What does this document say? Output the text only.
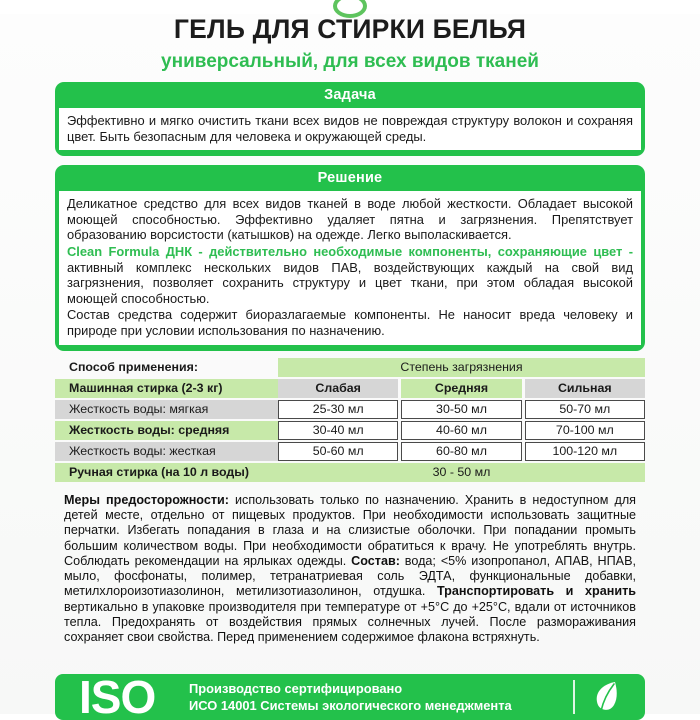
ГЕЛЬ ДЛЯ СТИРКИ БЕЛЬЯ
универсальный, для всех видов тканей
Задача

Эффективно и мягко очистить ткани всех видов не повреждая структуру волокон и сохраняя цвет. Быть безопасным для человека и окружающей среды.

Решение

Деликатное средство для всех видов тканей в воде любой жесткости. Обладает высокой моющей способностью. Эффективно удаляет пятна и загрязнения. Препятствует образованию ворсистости (катышков) на одежде. Легко выполаскивается.

Clean Formula ДНК - действительно необходимые компоненты, сохраняющие цвет - активный комплекс нескольких видов ПАВ, воздействующих каждый на свой вид загрязнения, позволяет сохранить структуру и цвет ткани, при этом обладая высокой моющей способностью.

Состав средства содержит биоразлагаемые компоненты. Не наносит вреда человеку и природе при условии использования по назначению.

Способ применения:	Степень загрязнения
Машинная стирка (2-3 кг)	Слабая	Средняя	Сильная
Жесткость воды: мягкая	25-30 мл	30-50 мл	50-70 мл
Жесткость воды: средняя	30-40 мл	40-60 мл	70-100 мл
Жесткость воды: жесткая	50-60 мл	60-80 мл	100-120 мл
Ручная стирка (на 10 л воды)	30 - 50 мл
Меры предосторожности: использовать только по назначению. Хранить в недоступном для детей месте, отдельно от пищевых продуктов. При необходимости использовать защитные перчатки. Избегать попадания в глаза и на слизистые оболочки. При попадании промыть большим количеством воды. При необходимости обратиться к врачу. Не употреблять внутрь. Соблюдать рекомендации на ярлыках одежды. Состав: вода; <5% изопропанол, АПАВ, НПАВ, мыло, фосфонаты, полимер, тетранатриевая соль ЭДТА, функциональные добавки, метилхлороизотиазолинон, метилизотиазолинон, отдушка. Транспортировать и хранить вертикально в упаковке производителя при температуре от +5°С до +25°С, вдали от источников тепла. Предохранять от воздействия прямых солнечных лучей. После размораживания сохраняет свои свойства. Перед применением содержимое флакона встряхнуть.
ISO	Производство сертифицировано
ИСО 14001 Системы экологического менеджмента
